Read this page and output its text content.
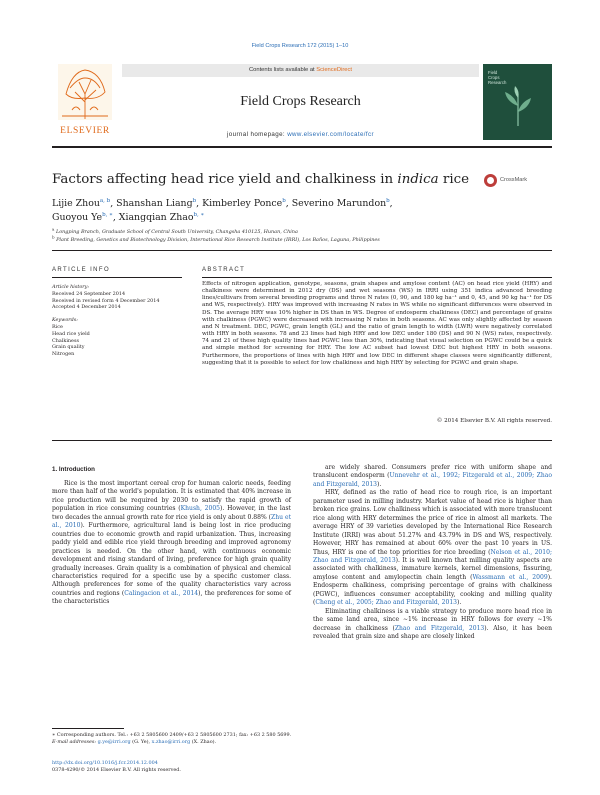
Field Crops Research 172 (2015) 1–10
ELSEVIER
Contents lists available at ScienceDirect
Field Crops Research
journal homepage: www.elsevier.com/locate/fcr
Field
Crops
Research
Factors affecting head rice yield and chalkiness in indica rice	CrossMark
Lijie Zhou$^{a, b}$, Shanshan Liang$^b$, Kimberley Ponce$^b$, Severino Marundon$^b$,
Guoyou $Ye^{b, ∗}$, Xiangqian Zhao$^{b, ∗}$
$^a$ Longping Branch, Graduate School of Central South University, Changsha 410125, Hunan, China
$^b$ Plant Breeding, Genetics and Biotechnology Division, International Rice Research Institute (IRRI), Los Baños, Laguna, Philippines
ARTICLE INFO	ABSTRACT
Article history:
Received 24 September 2014
Received in revised form 4 December 2014
Accepted 4 December 2014
Keywords:
Rice
Head rice yield
Chalkiness
Grain quality
Nitrogen
Effects of nitrogen application, genotype, seasons, grain shapes and amylose content (AC) on head rice yield (HRY) and chalkiness were determined in 2012 dry (DS) and wet seasons (WS) in IRRI using 351 indica advanced breeding lines/cultivars from several breeding programs and three N rates (0, 90, and 180 kg ha⁻¹ and 0, 45, and 90 kg ha⁻¹ for DS and WS, respectively). HRY was improved with increasing N rates in WS while no significant differences were observed in DS. The average HRY was 10% higher in DS than in WS. Degree of endosperm chalkiness (DEC) and percentage of grains with chalkiness (PGWC) were decreased with increasing N rates in both seasons. AC was only slightly affected by season and N treatment. DEC, PGWC, grain length (GL) and the ratio of grain length to width (LWR) were negatively correlated with HRY in both seasons. 78 and 23 lines had high HRY and low DEC under 180 (DS) and 90 N (WS) rates, respectively. 74 and 21 of these high quality lines had PGWC less than 30%, indicating that visual selection on PGWC could be a quick and simple method for screening for HRY. The low AC subset had lowest DEC but highest HRY in both seasons. Furthermore, the proportions of lines with high HRY and low DEC in different shape classes were significantly different, suggesting that it is possible to select for low chalkiness and high HRY by selecting for PGWC and grain shape.
© 2014 Elsevier B.V. All rights reserved.
1. Introduction

Rice is the most important cereal crop for human caloric needs, feeding more than half of the world's population. It is estimated that 40% increase in rice production will be required by 2030 to satisfy the rapid growth of population in rice consuming countries (Khush, 2005). However, in the last two decades the annual growth rate for rice yield is only about 0.88% (Zhu et al., 2010). Furthermore, agricultural land is being lost in rice producing countries due to economic growth and rapid urbanization. Thus, increasing paddy yield and edible rice yield through breeding and improved agronomy practices is needed. On the other hand, with continuous economic development and rising standard of living, preference for high grain quality gradually increases. Grain quality is a combination of physical and chemical characteristics required for a specific use by a specific customer class. Although preferences for some of the quality characteristics vary across countries and regions (Calingacion et al., 2014), the preferences for some of the characteristics

are widely shared. Consumers prefer rice with uniform shape and translucent endosperm (Unnevehr et al., 1992; Fitzgerald et al., 2009; Zhao and Fitzgerald, 2013).

HRY, defined as the ratio of head rice to rough rice, is an important parameter used in milling industry. Market value of head rice is higher than broken rice grains. Low chalkiness which is associated with more translucent rice along with HRY determines the price of rice in almost all markets. The average HRY of 39 varieties developed by the International Rice Research Institute (IRRI) was about 51.27% and 43.79% in DS and WS, respectively. However, HRY has remained at about 60% over the past 10 years in US. Thus, HRY is one of the top priorities for rice breeding (Nelson et al., 2010; Zhao and Fitzgerald, 2013). It is well known that milling quality aspects are associated with chalkiness, immature kernels, kernel dimensions, fissuring, amylose content and amylopectin chain length (Wassmann et al., 2009). Endosperm chalkiness, comprising percentage of grains with chalkiness (PGWC), influences consumer acceptability, cooking and milling quality (Cheng et al., 2005; Zhao and Fitzgerald, 2013).

Eliminating chalkiness is a viable strategy to produce more head rice in the same land area, since ∼1% increase in HRY follows for every ∼1% decrease in chalkiness (Zhao and Fitzgerald, 2013). Also, it has been revealed that grain size and shape are closely linked

∗ Corresponding authors. Tel.: +63 2 5805600 2409/+63 2 5805600 2731; fax: +63 2 580 5699.
E-mail addresses: g.ye@irri.org (G. Ye), x.zhao@irri.org (X. Zhao).
http://dx.doi.org/10.1016/j.fcr.2014.12.004
0378-4290/© 2014 Elsevier B.V. All rights reserved.
